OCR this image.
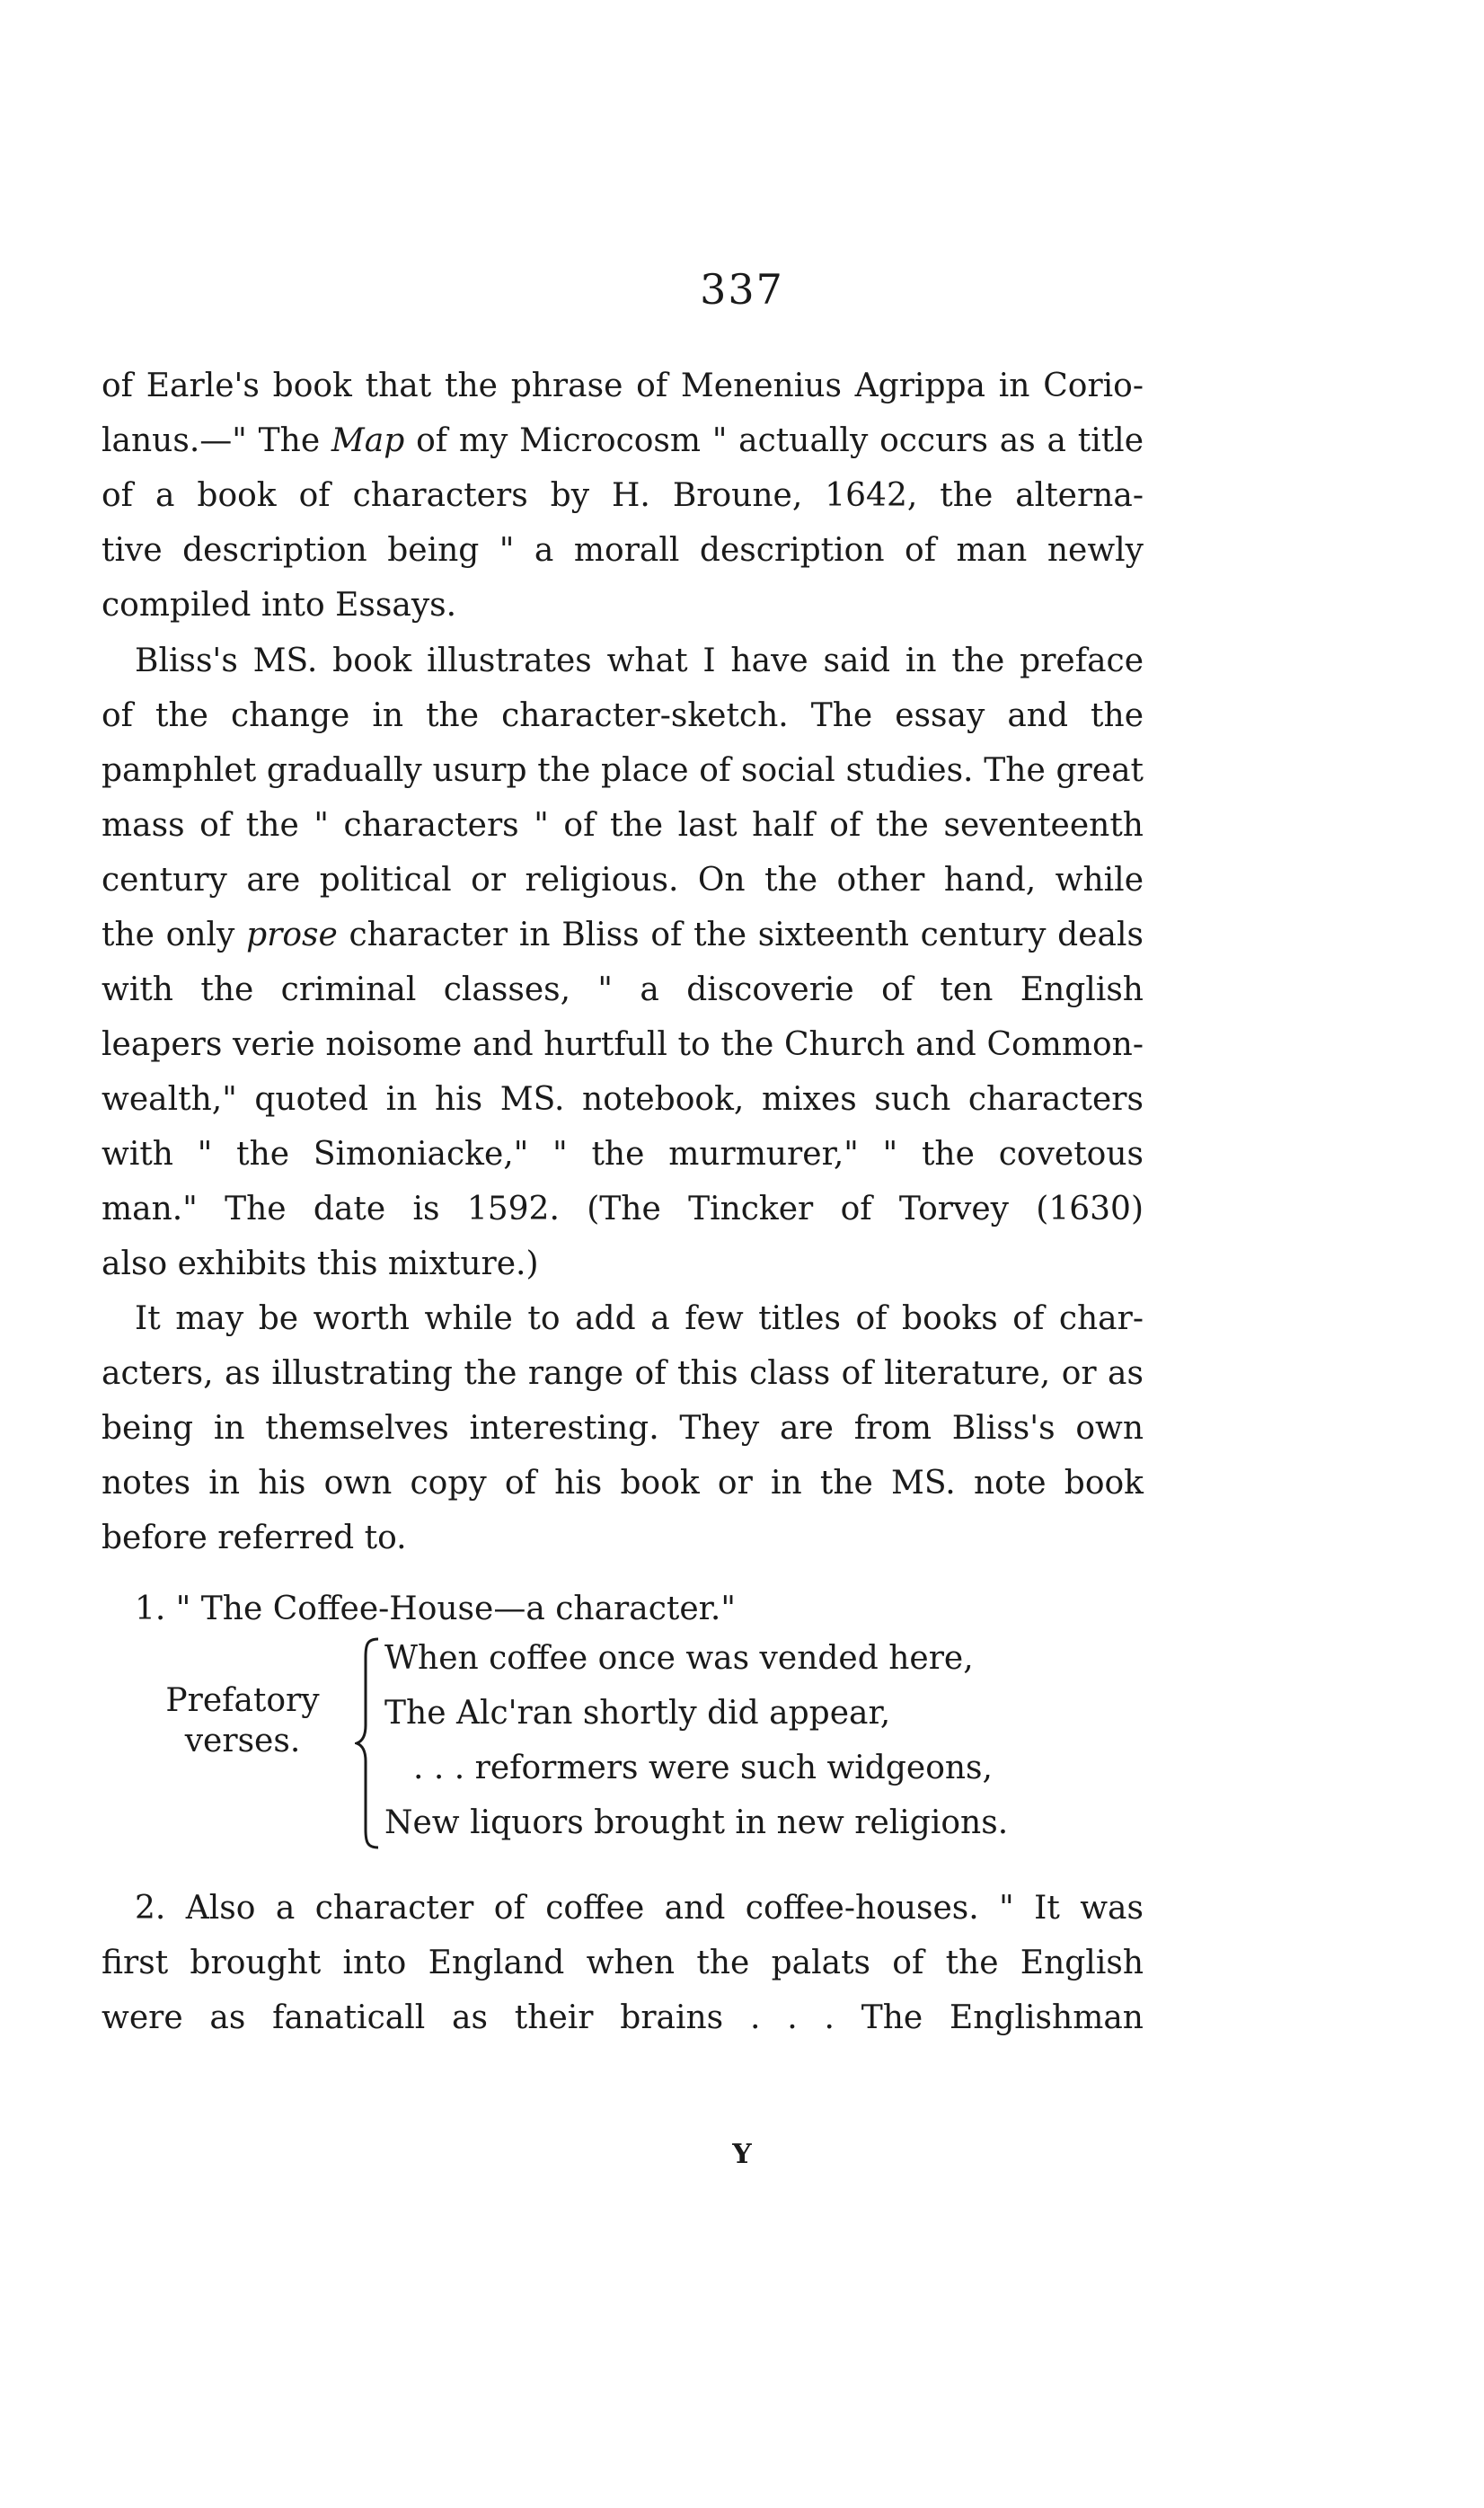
337
of Earle's book that the phrase of Menenius Agrippa in Corio-
lanus.—" The Map of my Microcosm " actually occurs as a title
of a book of characters by H. Broune, 1642, the alterna-
tive description being " a morall description of man newly
compiled into Essays.
Bliss's MS. book illustrates what I have said in the preface
of the change in the character-sketch. The essay and the
pamphlet gradually usurp the place of social studies. The great
mass of the " characters " of the last half of the seventeenth
century are political or religious. On the other hand, while
the only prose character in Bliss of the sixteenth century deals
with the criminal classes, " a discoverie of ten English
leapers verie noisome and hurtfull to the Church and Common-
wealth," quoted in his MS. notebook, mixes such characters
with " the Simoniacke," " the murmurer," " the covetous
man." The date is 1592. (The Tincker of Torvey (1630)
also exhibits this mixture.)
It may be worth while to add a few titles of books of char-
acters, as illustrating the range of this class of literature, or as
being in themselves interesting. They are from Bliss's own
notes in his own copy of his book or in the MS. note book
before referred to.
1. " The Coffee-House—a character."
Prefatory
verses.
When coffee once was vended here,
The Alc'ran shortly did appear,
. . . reformers were such widgeons,
New liquors brought in new religions.
2. Also a character of coffee and coffee-houses. " It was
first brought into England when the palats of the English
were as fanaticall as their brains . . . The Englishman
Y
